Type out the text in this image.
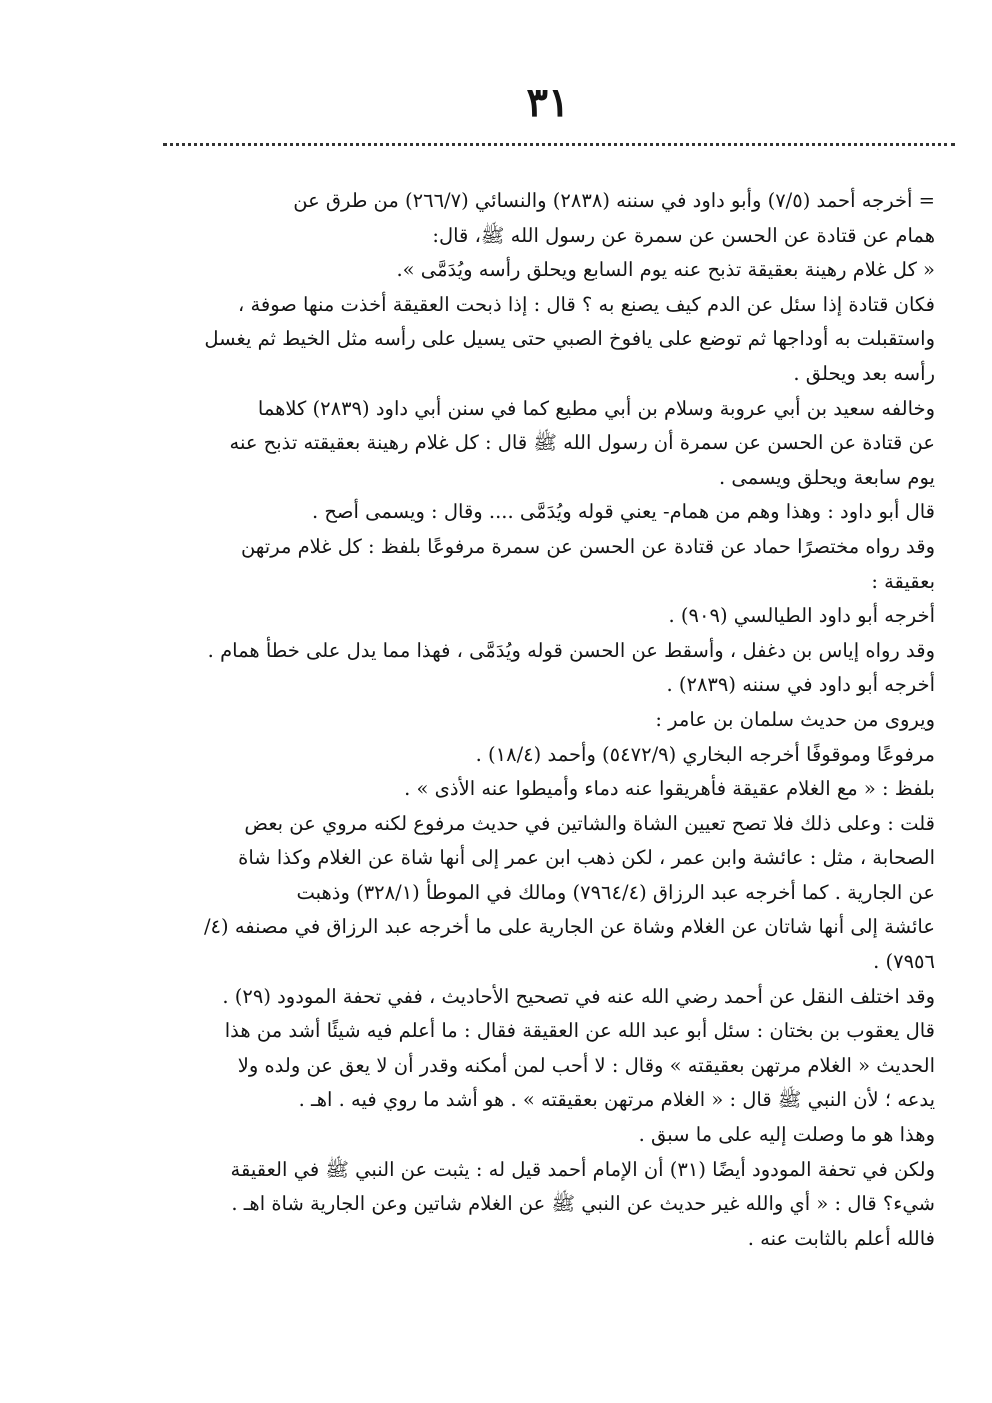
٣١

= أخرجه أحمد (٧/٥) وأبو داود في سننه (٢٨٣٨) والنسائي (٢٦٦/٧) من طرق عن

همام عن قتادة عن الحسن عن سمرة عن رسول الله ﷺ، قال:

« كل غلام رهينة بعقيقة تذبح عنه يوم السابع ويحلق رأسه ويُدَمَّى ».

فكان قتادة إذا سئل عن الدم كيف يصنع به ؟ قال : إذا ذبحت العقيقة أخذت منها صوفة ،

واستقبلت به أوداجها ثم توضع على يافوخ الصبي حتى يسيل على رأسه مثل الخيط ثم يغسل

رأسه بعد ويحلق .

وخالفه سعيد بن أبي عروبة وسلام بن أبي مطيع كما في سنن أبي داود (٢٨٣٩) كلاهما

عن قتادة عن الحسن عن سمرة أن رسول الله ﷺ قال : كل غلام رهينة بعقيقته تذبح عنه

يوم سابعة ويحلق ويسمى .

قال أبو داود : وهذا وهم من همام- يعني قوله ويُدَمَّى .... وقال : ويسمى أصح .

وقد رواه مختصرًا حماد عن قتادة عن الحسن عن سمرة مرفوعًا بلفظ : كل غلام مرتهن

بعقيقة :

أخرجه أبو داود الطيالسي (٩٠٩) .

وقد رواه إياس بن دغفل ، وأسقط عن الحسن قوله ويُدَمَّى ، فهذا مما يدل على خطأ همام .

أخرجه أبو داود في سننه (٢٨٣٩) .

ويروى من حديث سلمان بن عامر :

مرفوعًا وموقوفًا أخرجه البخاري (٥٤٧٢/٩) وأحمد (١٨/٤) .

بلفظ : « مع الغلام عقيقة فأهريقوا عنه دماء وأميطوا عنه الأذى » .

قلت : وعلى ذلك فلا تصح تعيين الشاة والشاتين في حديث مرفوع لكنه مروي عن بعض

الصحابة ، مثل : عائشة وابن عمر ، لكن ذهب ابن عمر إلى أنها شاة عن الغلام وكذا شاة

عن الجارية . كما أخرجه عبد الرزاق (٧٩٦٤/٤) ومالك في الموطأ (٣٢٨/١) وذهبت

عائشة إلى أنها شاتان عن الغلام وشاة عن الجارية على ما أخرجه عبد الرزاق في مصنفه (٤/

٧٩٥٦) .

وقد اختلف النقل عن أحمد رضي الله عنه في تصحيح الأحاديث ، ففي تحفة المودود (٢٩) .

قال يعقوب بن بختان : سئل أبو عبد الله عن العقيقة فقال : ما أعلم فيه شيئًا أشد من هذا

الحديث « الغلام مرتهن بعقيقته » وقال : لا أحب لمن أمكنه وقدر أن لا يعق عن ولده ولا

يدعه ؛ لأن النبي ﷺ قال : « الغلام مرتهن بعقيقته » . هو أشد ما روي فيه . اهـ .

وهذا هو ما وصلت إليه على ما سبق .

ولكن في تحفة المودود أيضًا (٣١) أن الإمام أحمد قيل له : يثبت عن النبي ﷺ في العقيقة

شيء؟ قال : « أي والله غير حديث عن النبي ﷺ عن الغلام شاتين وعن الجارية شاة اهـ .

فالله أعلم بالثابت عنه .
